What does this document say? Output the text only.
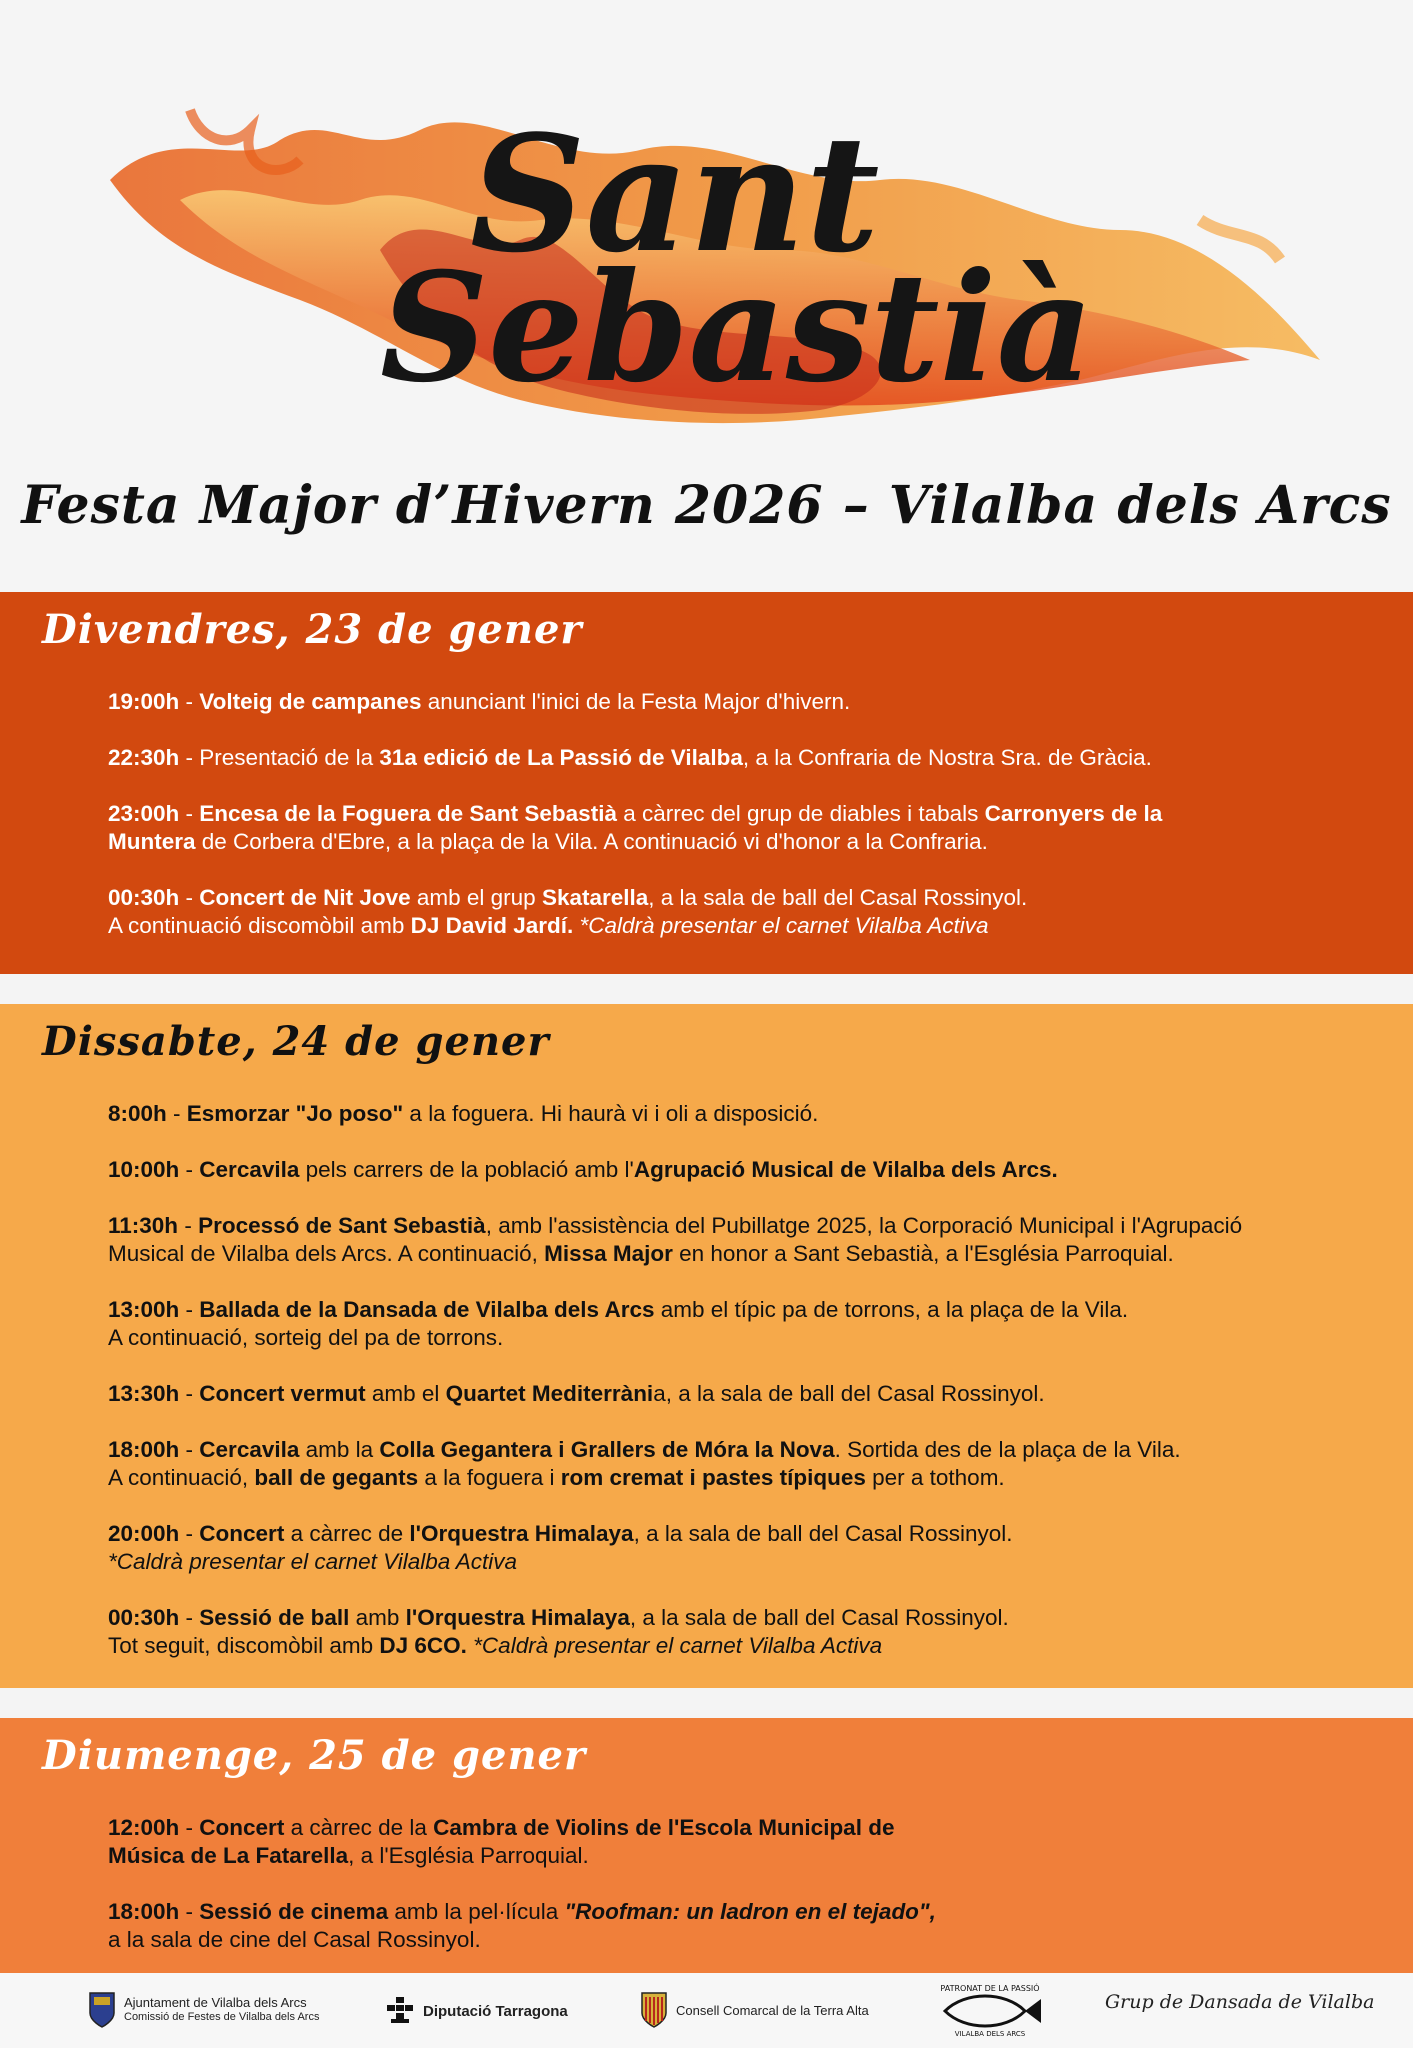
Sant
Sebastià
Festa Major d’Hivern 2026 – Vilalba dels Arcs
Divendres, 23 de gener
19:00h - Volteig de campanes anunciant l'inici de la Festa Major d'hivern.
22:30h - Presentació de la 31a edició de La Passió de Vilalba, a la Confraria de Nostra Sra. de Gràcia.
23:00h - Encesa de la Foguera de Sant Sebastià a càrrec del grup de diables i tabals Carronyers de la
Muntera de Corbera d'Ebre, a la plaça de la Vila. A continuació vi d'honor a la Confraria.
00:30h - Concert de Nit Jove amb el grup Skatarella, a la sala de ball del Casal Rossinyol.
A continuació discomòbil amb DJ David Jardí. *Caldrà presentar el carnet Vilalba Activa
Dissabte, 24 de gener
8:00h - Esmorzar "Jo poso" a la foguera. Hi haurà vi i oli a disposició.
10:00h - Cercavila pels carrers de la població amb l'Agrupació Musical de Vilalba dels Arcs.
11:30h - Processó de Sant Sebastià, amb l'assistència del Pubillatge 2025, la Corporació Municipal i l'Agrupació
Musical de Vilalba dels Arcs. A continuació, Missa Major en honor a Sant Sebastià, a l'Església Parroquial.
13:00h - Ballada de la Dansada de Vilalba dels Arcs amb el típic pa de torrons, a la plaça de la Vila.
A continuació, sorteig del pa de torrons.
13:30h - Concert vermut amb el Quartet Mediterrània, a la sala de ball del Casal Rossinyol.
18:00h - Cercavila amb la Colla Gegantera i Grallers de Móra la Nova. Sortida des de la plaça de la Vila.
A continuació, ball de gegants a la foguera i rom cremat i pastes típiques per a tothom.
20:00h - Concert a càrrec de l'Orquestra Himalaya, a la sala de ball del Casal Rossinyol.
*Caldrà presentar el carnet Vilalba Activa
00:30h - Sessió de ball amb l'Orquestra Himalaya, a la sala de ball del Casal Rossinyol.
Tot seguit, discomòbil amb DJ 6CO. *Caldrà presentar el carnet Vilalba Activa
Diumenge, 25 de gener
12:00h - Concert a càrrec de la Cambra de Violins de l'Escola Municipal de
Música de La Fatarella, a l'Església Parroquial.
18:00h - Sessió de cinema amb la pel·lícula "Roofman: un ladron en el tejado",
a la sala de cine del Casal Rossinyol.
Ajuntament de Vilalba dels Arcs
Comissió de Festes de Vilalba dels Arcs	Diputació Tarragona	Consell Comarcal de la Terra Alta
PATRONAT DE LA PASSIÓ
VILALBA DELS ARCS
Grup de Dansada de Vilalba
